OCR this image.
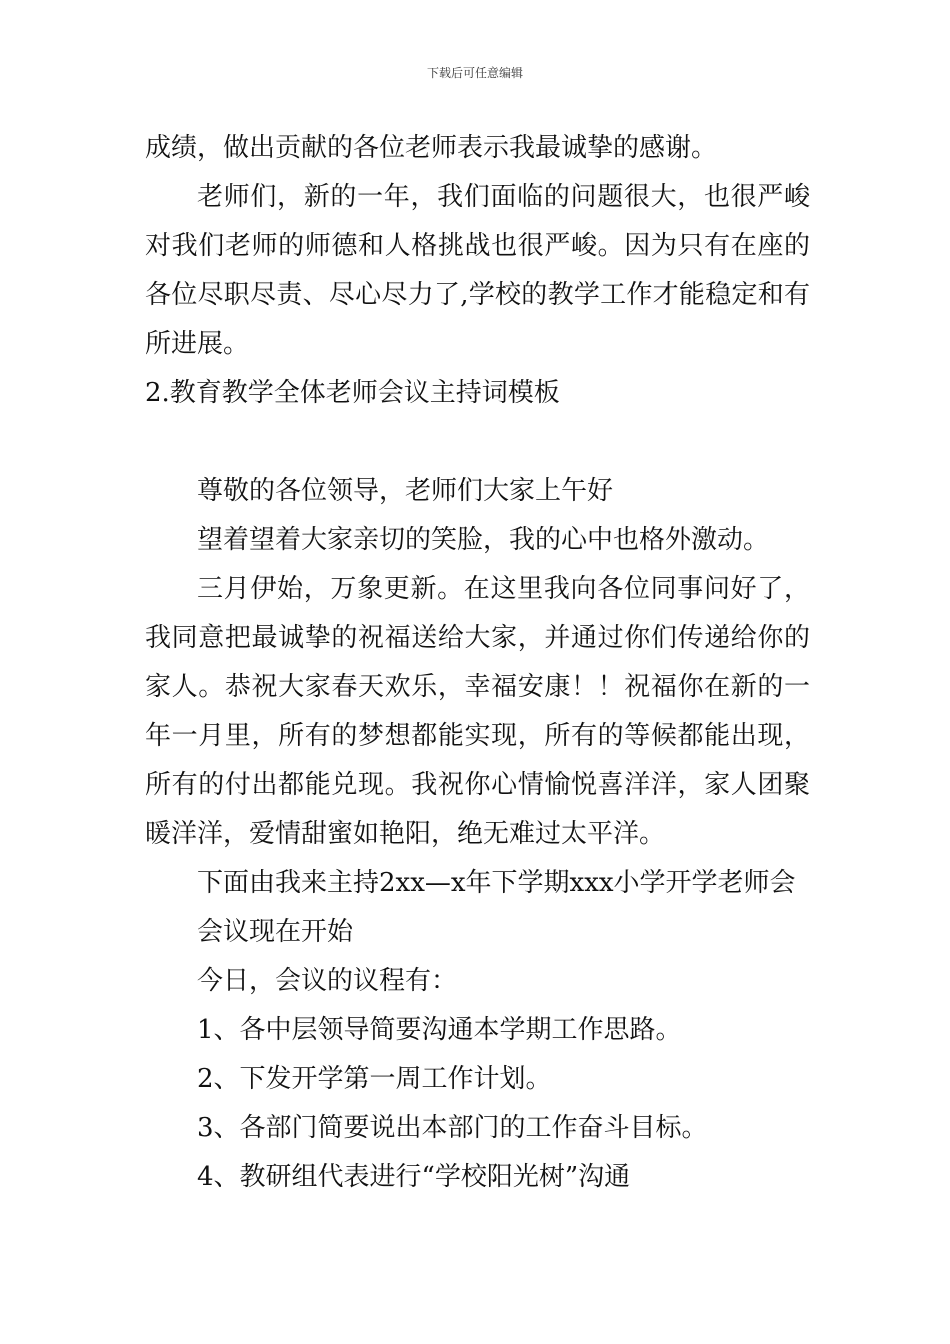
下载后可任意编辑

成绩，做出贡献的各位老师表示我最诚挚的感谢。

老师们，新的一年，我们面临的问题很大，也很严峻对我们老师的师德和人格挑战也很严峻。因为只有在座的各位尽职尽责、尽心尽力了,学校的教学工作才能稳定和有所进展。

2.教育教学全体老师会议主持词模板

尊敬的各位领导，老师们大家上午好

望着望着大家亲切的笑脸，我的心中也格外激动。

三月伊始，万象更新。在这里我向各位同事问好了，我同意把最诚挚的祝福送给大家，并通过你们传递给你的家人。恭祝大家春天欢乐，幸福安康！！祝福你在新的一年一月里，所有的梦想都能实现，所有的等候都能出现，所有的付出都能兑现。我祝你心情愉悦喜洋洋，家人团聚暖洋洋，爱情甜蜜如艳阳，绝无难过太平洋。

下面由我来主持2xx—x年下学期xxx小学开学老师会

会议现在开始

今日，会议的议程有：

1、各中层领导简要沟通本学期工作思路。

2、下发开学第一周工作计划。

3、各部门简要说出本部门的工作奋斗目标。

4、教研组代表进行“学校阳光树”沟通
